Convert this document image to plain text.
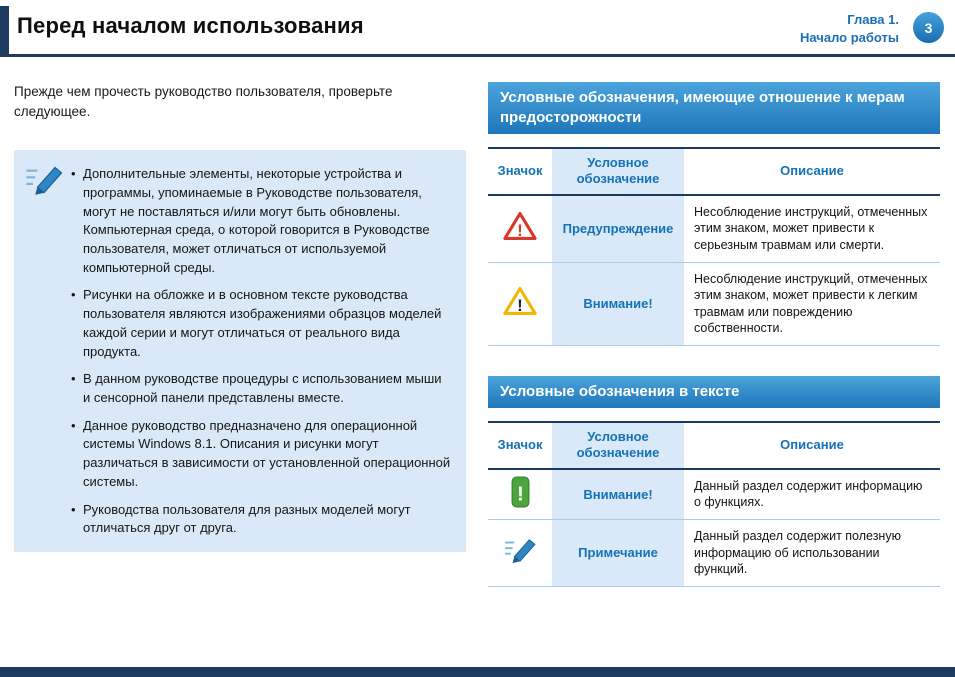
Перед началом использования	Глава 1.
Начало работы
3

Прежде чем прочесть руководство пользователя, проверьте следующее.

• Дополнительные элементы, некоторые устройства и программы, упоминаемые в Руководстве пользователя, могут не поставляться и/или могут быть обновлены. Компьютерная среда, о которой говорится в Руководстве пользователя, может отличаться от используемой компьютерной среды.
• Рисунки на обложке и в основном тексте руководства пользователя являются изображениями образцов моделей каждой серии и могут отличаться от реального вида продукта.
• В данном руководстве процедуры с использованием мыши и сенсорной панели представлены вместе.
• Данное руководство предназначено для операционной системы Windows 8.1. Описания и рисунки могут различаться в зависимости от установленной операционной системы.
• Руководства пользователя для разных моделей могут отличаться друг от друга.
Условные обозначения, имеющие отношение к мерам предосторожности
Значок	Условное обозначение	Описание

!	Предупреждение	Несоблюдение инструкций, отмеченных этим знаком, может привести к серьезным травмам или смерти.

!	Внимание!	Несоблюдение инструкций, отмеченных этим знаком, может привести к легким травмам или повреждению собственности.
Условные обозначения в тексте
Значок	Условное обозначение	Описание

!	Внимание!	Данный раздел содержит информацию о функциях.
	Примечание	Данный раздел содержит полезную информацию об использовании функций.
